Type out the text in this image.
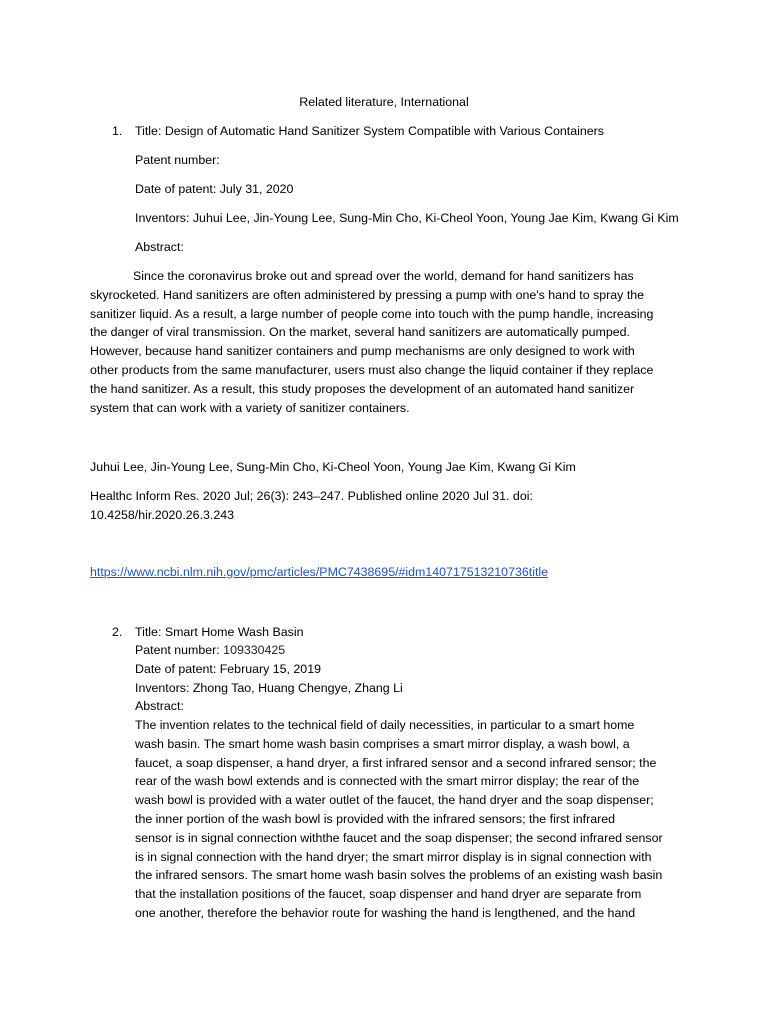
Related literature, International
1. Title: Design of Automatic Hand Sanitizer System Compatible with Various Containers
Patent number:
Date of patent: July 31, 2020
Inventors: Juhui Lee, Jin-Young Lee, Sung-Min Cho, Ki-Cheol Yoon, Young Jae Kim, Kwang Gi Kim
Abstract:
Since the coronavirus broke out and spread over the world, demand for hand sanitizers has
skyrocketed. Hand sanitizers are often administered by pressing a pump with one's hand to spray the
sanitizer liquid. As a result, a large number of people come into touch with the pump handle, increasing
the danger of viral transmission. On the market, several hand sanitizers are automatically pumped.
However, because hand sanitizer containers and pump mechanisms are only designed to work with
other products from the same manufacturer, users must also change the liquid container if they replace
the hand sanitizer. As a result, this study proposes the development of an automated hand sanitizer
system that can work with a variety of sanitizer containers.
Juhui Lee, Jin-Young Lee, Sung-Min Cho, Ki-Cheol Yoon, Young Jae Kim, Kwang Gi Kim
Healthc Inform Res. 2020 Jul; 26(3): 243–247. Published online 2020 Jul 31. doi:
10.4258/hir.2020.26.3.243
https://www.ncbi.nlm.nih.gov/pmc/articles/PMC7438695/#idm140717513210736title
2. Title: Smart Home Wash Basin
Patent number: 109330425
Date of patent: February 15, 2019
Inventors: Zhong Tao, Huang Chengye, Zhang Li
Abstract:
The invention relates to the technical field of daily necessities, in particular to a smart home
wash basin. The smart home wash basin comprises a smart mirror display, a wash bowl, a
faucet, a soap dispenser, a hand dryer, a first infrared sensor and a second infrared sensor; the
rear of the wash bowl extends and is connected with the smart mirror display; the rear of the
wash bowl is provided with a water outlet of the faucet, the hand dryer and the soap dispenser;
the inner portion of the wash bowl is provided with the infrared sensors; the first infrared
sensor is in signal connection withthe faucet and the soap dispenser; the second infrared sensor
is in signal connection with the hand dryer; the smart mirror display is in signal connection with
the infrared sensors. The smart home wash basin solves the problems of an existing wash basin
that the installation positions of the faucet, soap dispenser and hand dryer are separate from
one another, therefore the behavior route for washing the hand is lengthened, and the hand
